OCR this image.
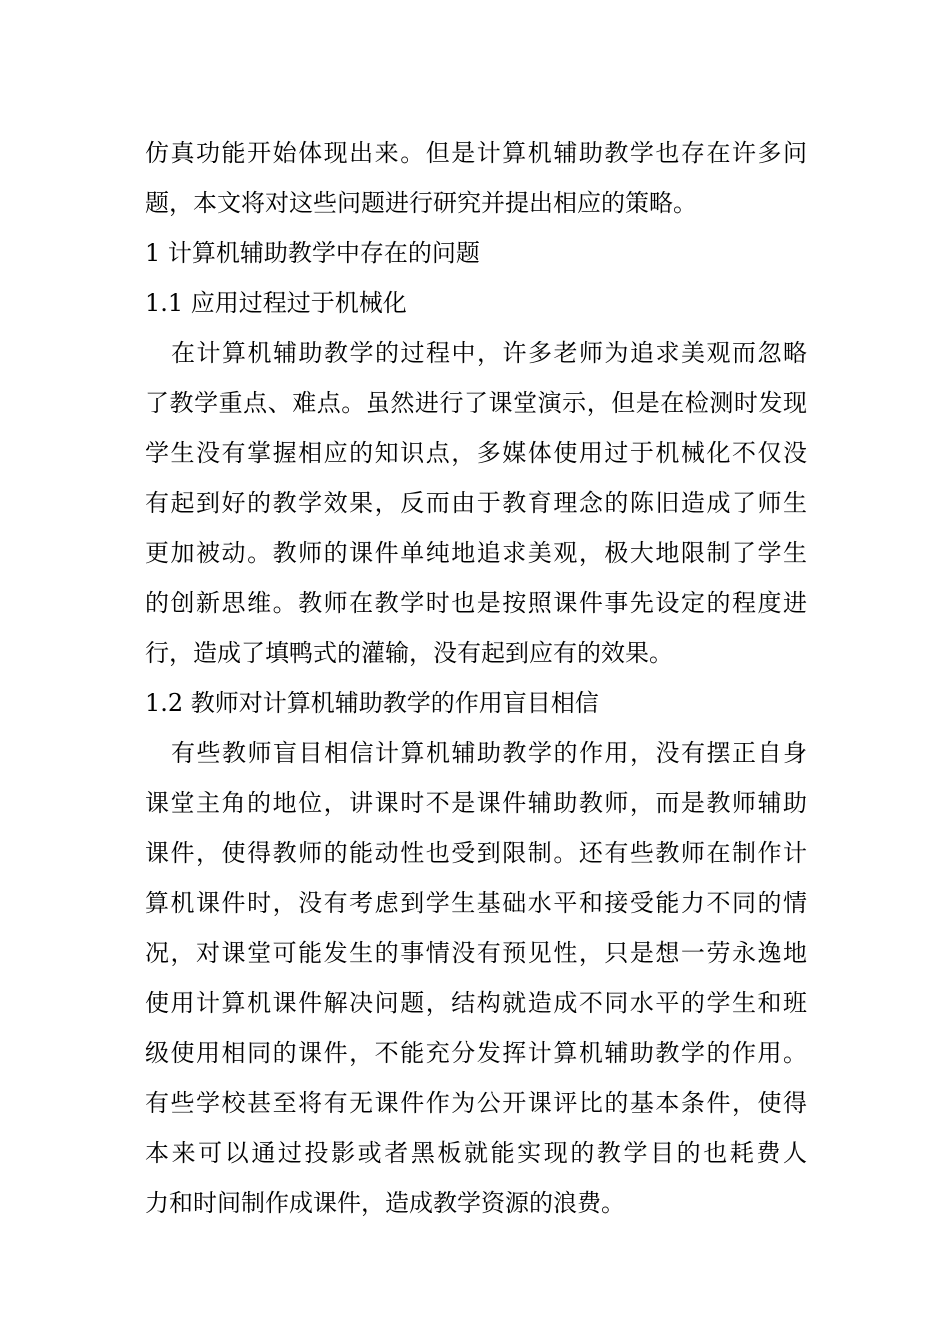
仿真功能开始体现出来。但是计算机辅助教学也存在许多问
题，本文将对这些问题进行研究并提出相应的策略。
1 计算机辅助教学中存在的问题
1.1 应用过程过于机械化
在计算机辅助教学的过程中，许多老师为追求美观而忽略
了教学重点、难点。虽然进行了课堂演示，但是在检测时发现
学生没有掌握相应的知识点，多媒体使用过于机械化不仅没
有起到好的教学效果，反而由于教育理念的陈旧造成了师生
更加被动。教师的课件单纯地追求美观，极大地限制了学生
的创新思维。教师在教学时也是按照课件事先设定的程度进
行，造成了填鸭式的灌输，没有起到应有的效果。
1.2 教师对计算机辅助教学的作用盲目相信
有些教师盲目相信计算机辅助教学的作用，没有摆正自身
课堂主角的地位，讲课时不是课件辅助教师，而是教师辅助
课件，使得教师的能动性也受到限制。还有些教师在制作计
算机课件时，没有考虑到学生基础水平和接受能力不同的情
况，对课堂可能发生的事情没有预见性，只是想一劳永逸地
使用计算机课件解决问题，结构就造成不同水平的学生和班
级使用相同的课件，不能充分发挥计算机辅助教学的作用。
有些学校甚至将有无课件作为公开课评比的基本条件，使得
本来可以通过投影或者黑板就能实现的教学目的也耗费人
力和时间制作成课件，造成教学资源的浪费。
